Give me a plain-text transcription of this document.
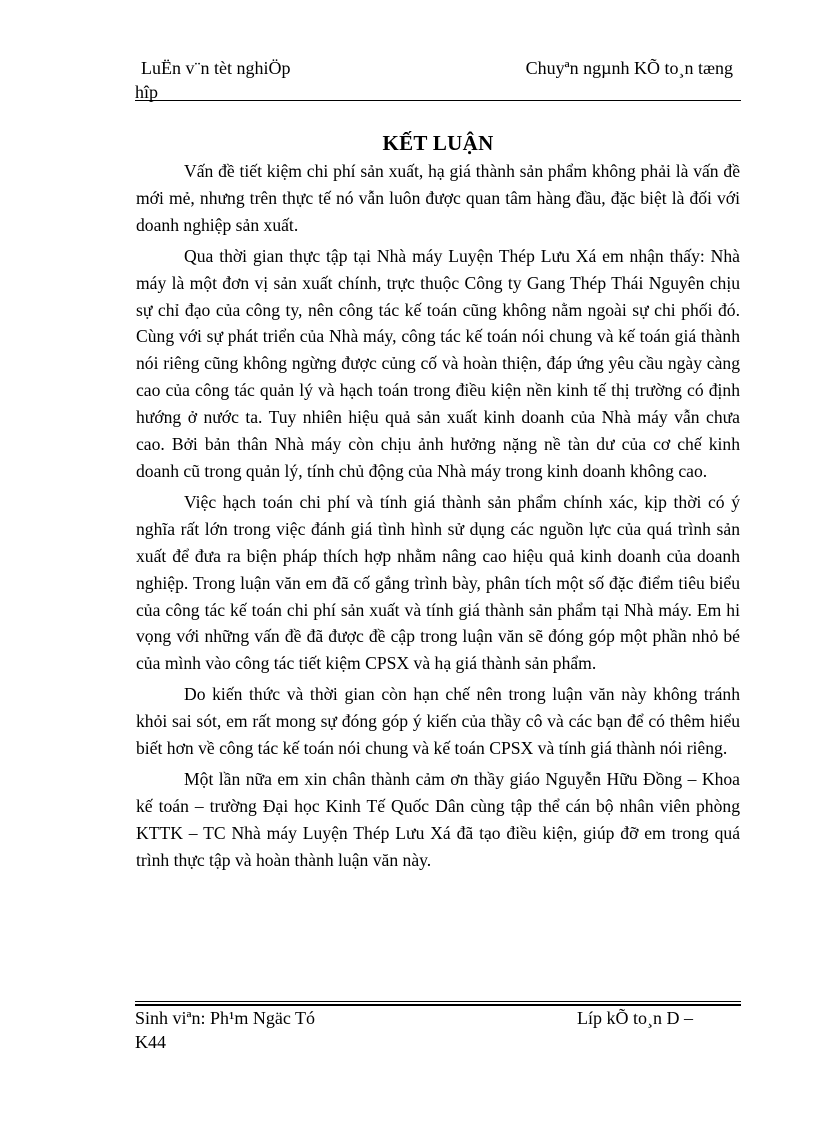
LuËn v¨n tèt nghiÖp
hîp
Chuyªn ngµnh KÕ to¸n tæng
KẾT LUẬN

Vấn đề tiết kiệm chi phí sản xuất, hạ giá thành sản phẩm không phải là vấn đề mới mẻ, nhưng trên thực tế nó vẫn luôn được quan tâm hàng đầu, đặc biệt là đối với doanh nghiệp sản xuất.

Qua thời gian thực tập tại Nhà máy Luyện Thép Lưu Xá em nhận thấy: Nhà máy là một đơn vị sản xuất chính, trực thuộc Công ty Gang Thép Thái Nguyên chịu sự chỉ đạo của công ty, nên công tác kế toán cũng không nằm ngoài sự chi phối đó. Cùng với sự phát triển của Nhà máy, công tác kế toán nói chung và kế toán giá thành nói riêng cũng không ngừng được củng cố và hoàn thiện, đáp ứng yêu cầu ngày càng cao của công tác quản lý và hạch toán trong điều kiện nền kinh tế thị trường có định hướng ở nước ta. Tuy nhiên hiệu quả sản xuất kinh doanh của Nhà máy vẫn chưa cao. Bởi bản thân Nhà máy còn chịu ảnh hưởng nặng nề tàn dư của cơ chế kinh doanh cũ trong quản lý, tính chủ động của Nhà máy trong kinh doanh không cao.

Việc hạch toán chi phí và tính giá thành sản phẩm chính xác, kịp thời có ý nghĩa rất lớn trong việc đánh giá tình hình sử dụng các nguồn lực của quá trình sản xuất để đưa ra biện pháp thích hợp nhằm nâng cao hiệu quả kinh doanh của doanh nghiệp. Trong luận văn em đã cố gắng trình bày, phân tích một số đặc điểm tiêu biểu của công tác kế toán chi phí sản xuất và tính giá thành sản phẩm tại Nhà máy. Em hi vọng với những vấn đề đã được đề cập trong luận văn sẽ đóng góp một phần nhỏ bé của mình vào công tác tiết kiệm CPSX và hạ giá thành sản phẩm.

Do kiến thức và thời gian còn hạn chế nên trong luận văn này không tránh khỏi sai sót, em rất mong sự đóng góp ý kiến của thầy cô và các bạn để có thêm hiểu biết hơn về công tác kế toán nói chung và kế toán CPSX và tính giá thành nói riêng.

Một lần nữa em xin chân thành cảm ơn thầy giáo Nguyễn Hữu Đồng – Khoa kế toán – trường Đại học Kinh Tế Quốc Dân cùng tập thể cán bộ nhân viên phòng KTTK – TC Nhà máy Luyện Thép Lưu Xá đã tạo điều kiện, giúp đỡ em trong quá trình thực tập và hoàn thành luận văn này.

Sinh viªn: Ph¹m Ngäc Tó
K44
Líp kÕ to¸n D –
